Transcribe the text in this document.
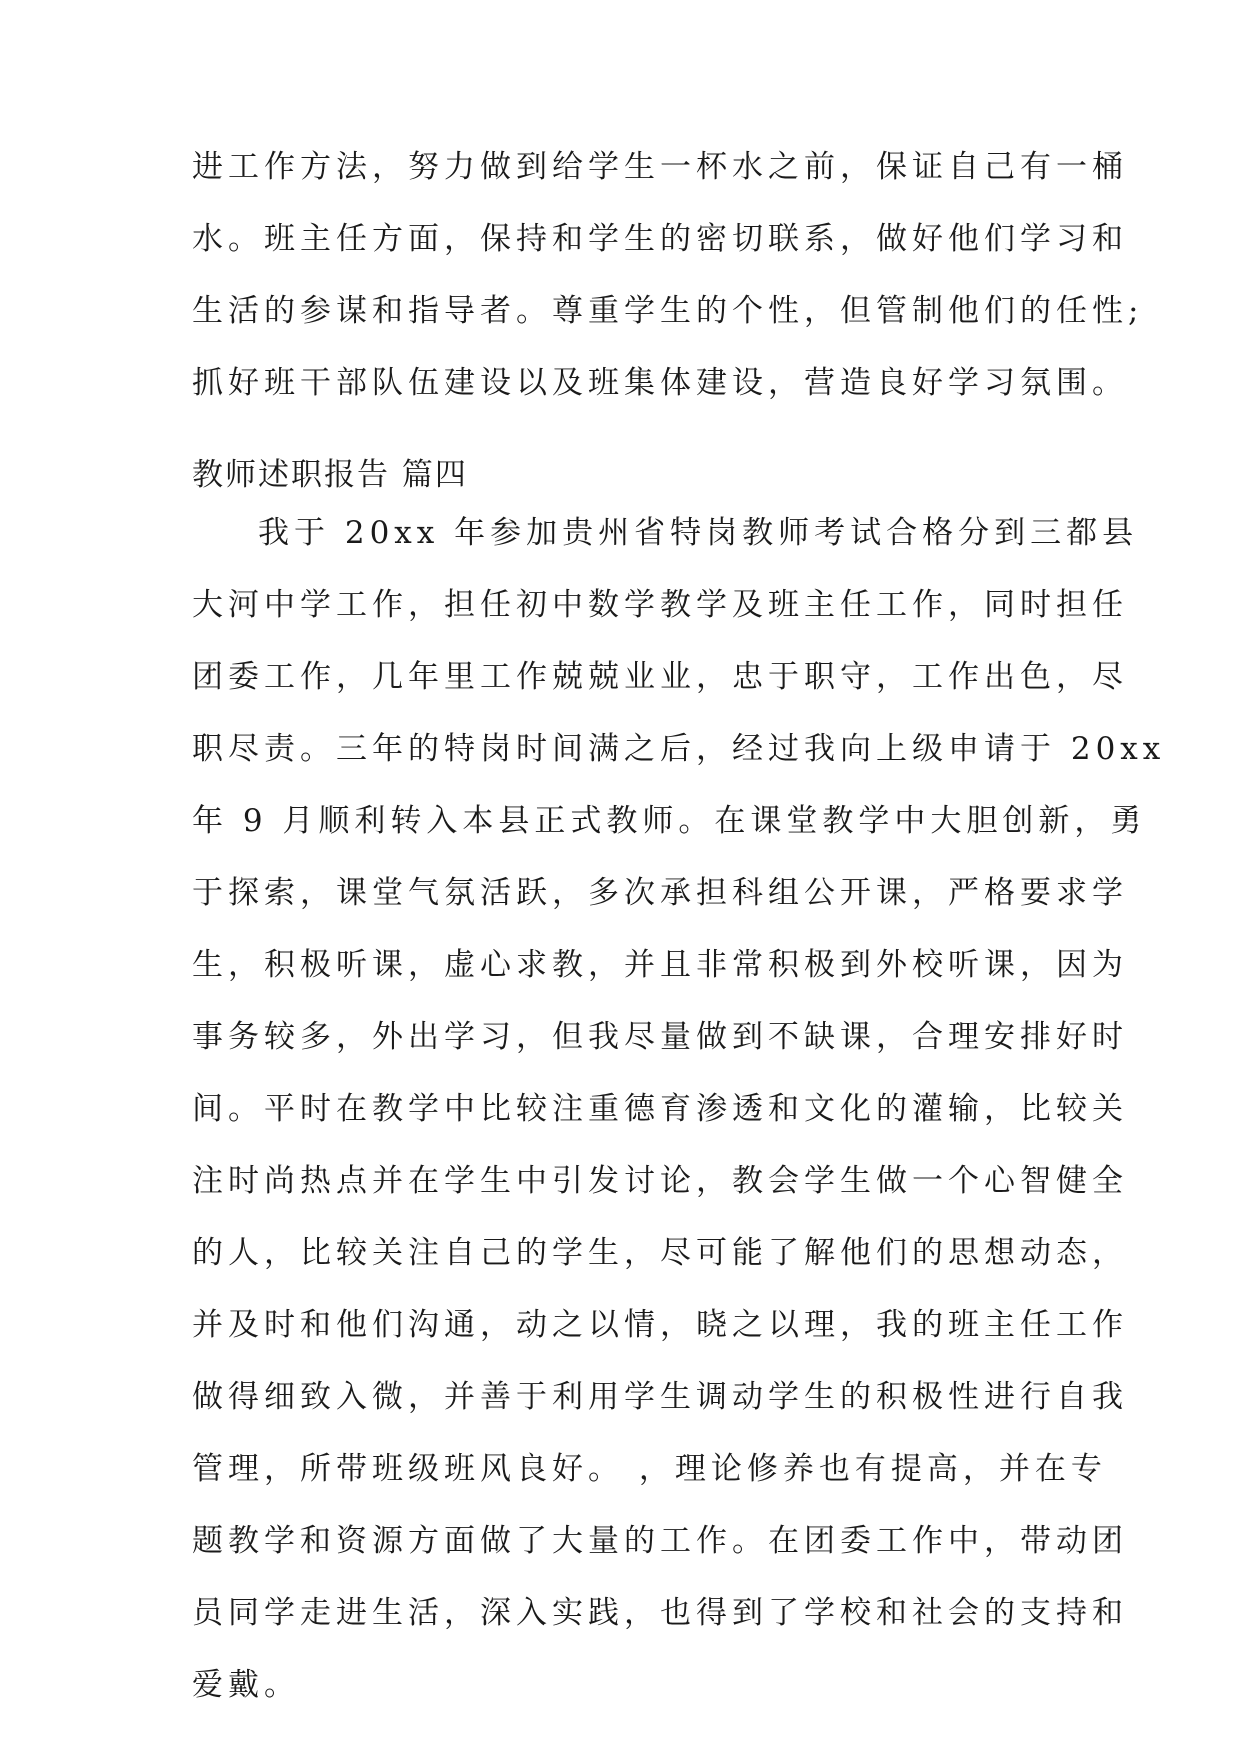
进工作方法，努力做到给学生一杯水之前，保证自己有一桶
水。班主任方面，保持和学生的密切联系，做好他们学习和
生活的参谋和指导者。尊重学生的个性，但管制他们的任性;
抓好班干部队伍建设以及班集体建设，营造良好学习氛围。
教师述职报告 篇四
我于 20xx 年参加贵州省特岗教师考试合格分到三都县
大河中学工作，担任初中数学教学及班主任工作，同时担任
团委工作，几年里工作兢兢业业，忠于职守，工作出色，尽
职尽责。三年的特岗时间满之后，经过我向上级申请于 20xx
年 9 月顺利转入本县正式教师。在课堂教学中大胆创新，勇
于探索，课堂气氛活跃，多次承担科组公开课，严格要求学
生，积极听课，虚心求教，并且非常积极到外校听课，因为
事务较多，外出学习，但我尽量做到不缺课，合理安排好时
间。平时在教学中比较注重德育渗透和文化的灌输，比较关
注时尚热点并在学生中引发讨论，教会学生做一个心智健全
的人，比较关注自己的学生，尽可能了解他们的思想动态，
并及时和他们沟通，动之以情，晓之以理，我的班主任工作
做得细致入微，并善于利用学生调动学生的积极性进行自我
管理，所带班级班风良好。 ，理论修养也有提高，并在专
题教学和资源方面做了大量的工作。在团委工作中，带动团
员同学走进生活，深入实践，也得到了学校和社会的支持和
爱戴。
